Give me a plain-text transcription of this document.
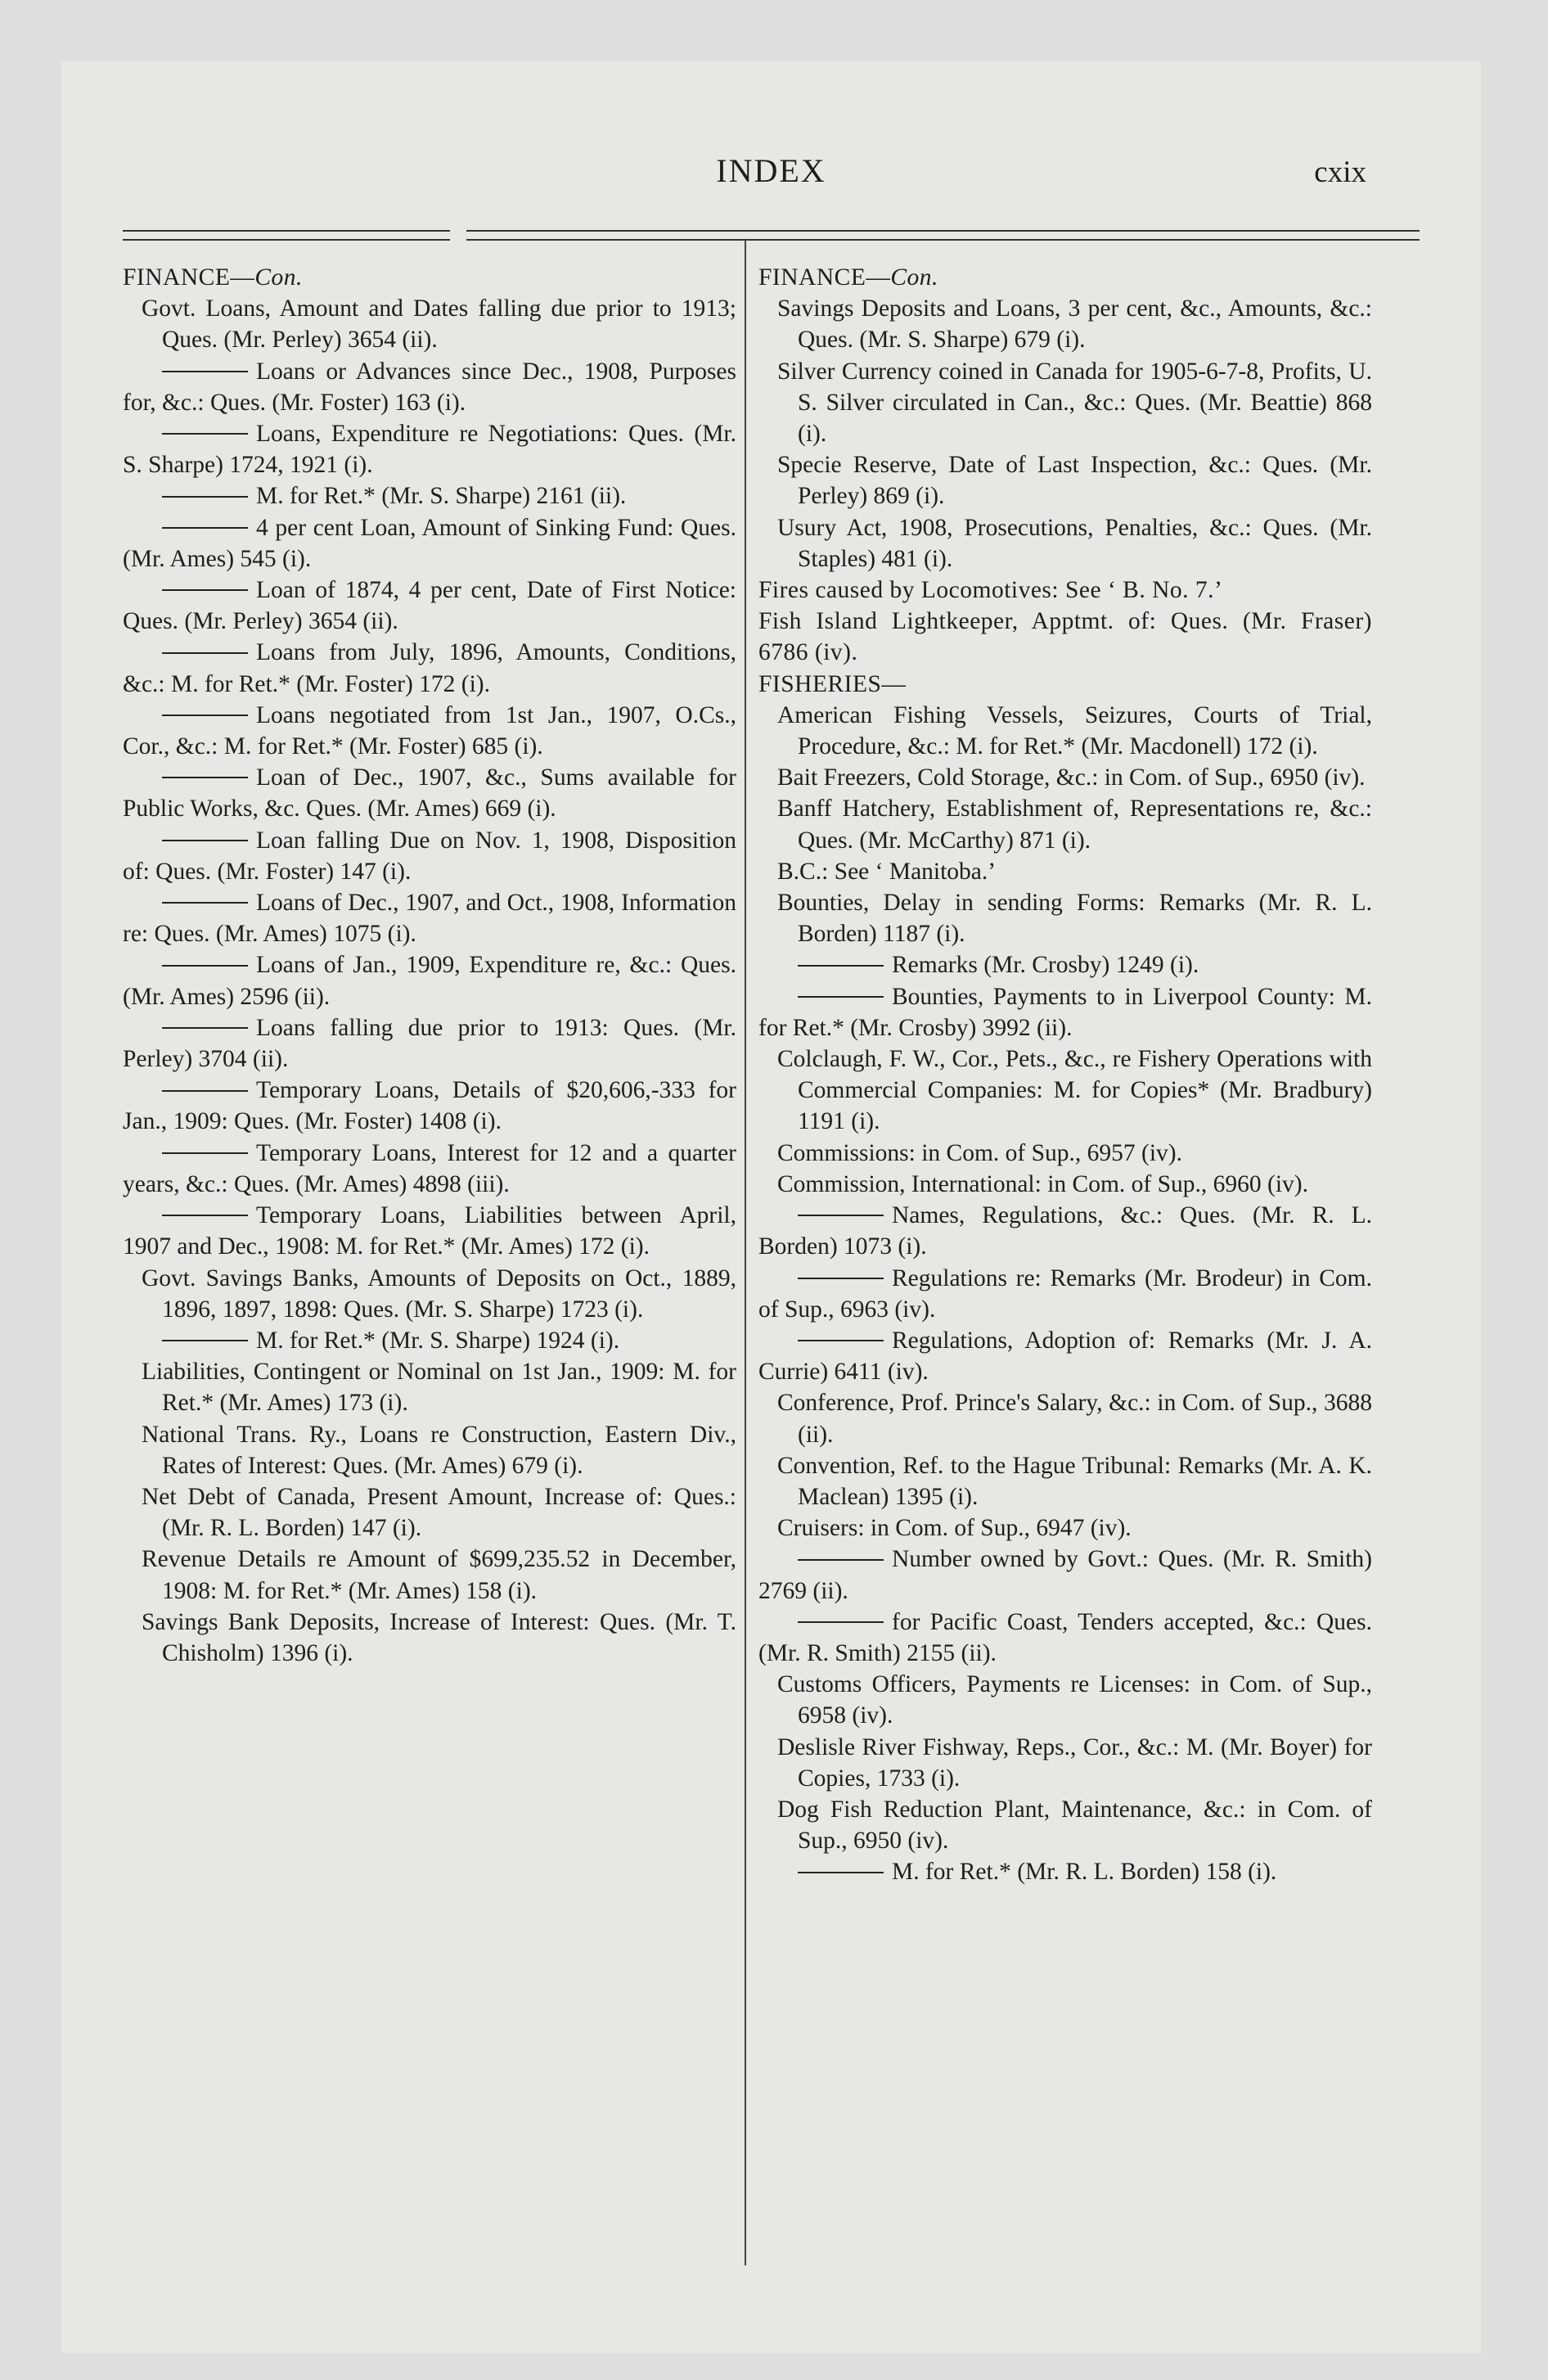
INDEX	cxix

FINANCE—Con.

Govt. Loans, Amount and Dates falling due prior to 1913; Ques. (Mr. Perley) 3654 (ii).

Loans or Advances since Dec., 1908, Purposes for, &c.: Ques. (Mr. Foster) 163 (i).

Loans, Expenditure re Negotiations: Ques. (Mr. S. Sharpe) 1724, 1921 (i).

M. for Ret.* (Mr. S. Sharpe) 2161 (ii).

4 per cent Loan, Amount of Sinking Fund: Ques. (Mr. Ames) 545 (i).

Loan of 1874, 4 per cent, Date of First Notice: Ques. (Mr. Perley) 3654 (ii).

Loans from July, 1896, Amounts, Conditions, &c.: M. for Ret.* (Mr. Foster) 172 (i).

Loans negotiated from 1st Jan., 1907, O.Cs., Cor., &c.: M. for Ret.* (Mr. Foster) 685 (i).

Loan of Dec., 1907, &c., Sums available for Public Works, &c. Ques. (Mr. Ames) 669 (i).

Loan falling Due on Nov. 1, 1908, Disposition of: Ques. (Mr. Foster) 147 (i).

Loans of Dec., 1907, and Oct., 1908, Information re: Ques. (Mr. Ames) 1075 (i).

Loans of Jan., 1909, Expenditure re, &c.: Ques. (Mr. Ames) 2596 (ii).

Loans falling due prior to 1913: Ques. (Mr. Perley) 3704 (ii).

Temporary Loans, Details of $20,606,-333 for Jan., 1909: Ques. (Mr. Foster) 1408 (i).

Temporary Loans, Interest for 12 and a quarter years, &c.: Ques. (Mr. Ames) 4898 (iii).

Temporary Loans, Liabilities between April, 1907 and Dec., 1908: M. for Ret.* (Mr. Ames) 172 (i).

Govt. Savings Banks, Amounts of Deposits on Oct., 1889, 1896, 1897, 1898: Ques. (Mr. S. Sharpe) 1723 (i).

M. for Ret.* (Mr. S. Sharpe) 1924 (i).

Liabilities, Contingent or Nominal on 1st Jan., 1909: M. for Ret.* (Mr. Ames) 173 (i).

National Trans. Ry., Loans re Construction, Eastern Div., Rates of Interest: Ques. (Mr. Ames) 679 (i).

Net Debt of Canada, Present Amount, Increase of: Ques.: (Mr. R. L. Borden) 147 (i).

Revenue Details re Amount of $699,235.52 in December, 1908: M. for Ret.* (Mr. Ames) 158 (i).

Savings Bank Deposits, Increase of Interest: Ques. (Mr. T. Chisholm) 1396 (i).

FINANCE—Con.

Savings Deposits and Loans, 3 per cent, &c., Amounts, &c.: Ques. (Mr. S. Sharpe) 679 (i).

Silver Currency coined in Canada for 1905-6-7-8, Profits, U. S. Silver circulated in Can., &c.: Ques. (Mr. Beattie) 868 (i).

Specie Reserve, Date of Last Inspection, &c.: Ques. (Mr. Perley) 869 (i).

Usury Act, 1908, Prosecutions, Penalties, &c.: Ques. (Mr. Staples) 481 (i).

Fires caused by Locomotives: See ‘ B. No. 7.’

Fish Island Lightkeeper, Apptmt. of: Ques. (Mr. Fraser) 6786 (iv).

FISHERIES—

American Fishing Vessels, Seizures, Courts of Trial, Procedure, &c.: M. for Ret.* (Mr. Macdonell) 172 (i).

Bait Freezers, Cold Storage, &c.: in Com. of Sup., 6950 (iv).

Banff Hatchery, Establishment of, Representations re, &c.: Ques. (Mr. McCarthy) 871 (i).

B.C.: See ‘ Manitoba.’

Bounties, Delay in sending Forms: Remarks (Mr. R. L. Borden) 1187 (i).

Remarks (Mr. Crosby) 1249 (i).

Bounties, Payments to in Liverpool County: M. for Ret.* (Mr. Crosby) 3992 (ii).

Colclaugh, F. W., Cor., Pets., &c., re Fishery Operations with Commercial Companies: M. for Copies* (Mr. Bradbury) 1191 (i).

Commissions: in Com. of Sup., 6957 (iv).

Commission, International: in Com. of Sup., 6960 (iv).

Names, Regulations, &c.: Ques. (Mr. R. L. Borden) 1073 (i).

Regulations re: Remarks (Mr. Brodeur) in Com. of Sup., 6963 (iv).

Regulations, Adoption of: Remarks (Mr. J. A. Currie) 6411 (iv).

Conference, Prof. Prince's Salary, &c.: in Com. of Sup., 3688 (ii).

Convention, Ref. to the Hague Tribunal: Remarks (Mr. A. K. Maclean) 1395 (i).

Cruisers: in Com. of Sup., 6947 (iv).

Number owned by Govt.: Ques. (Mr. R. Smith) 2769 (ii).

for Pacific Coast, Tenders accepted, &c.: Ques. (Mr. R. Smith) 2155 (ii).

Customs Officers, Payments re Licenses: in Com. of Sup., 6958 (iv).

Deslisle River Fishway, Reps., Cor., &c.: M. (Mr. Boyer) for Copies, 1733 (i).

Dog Fish Reduction Plant, Maintenance, &c.: in Com. of Sup., 6950 (iv).

M. for Ret.* (Mr. R. L. Borden) 158 (i).
